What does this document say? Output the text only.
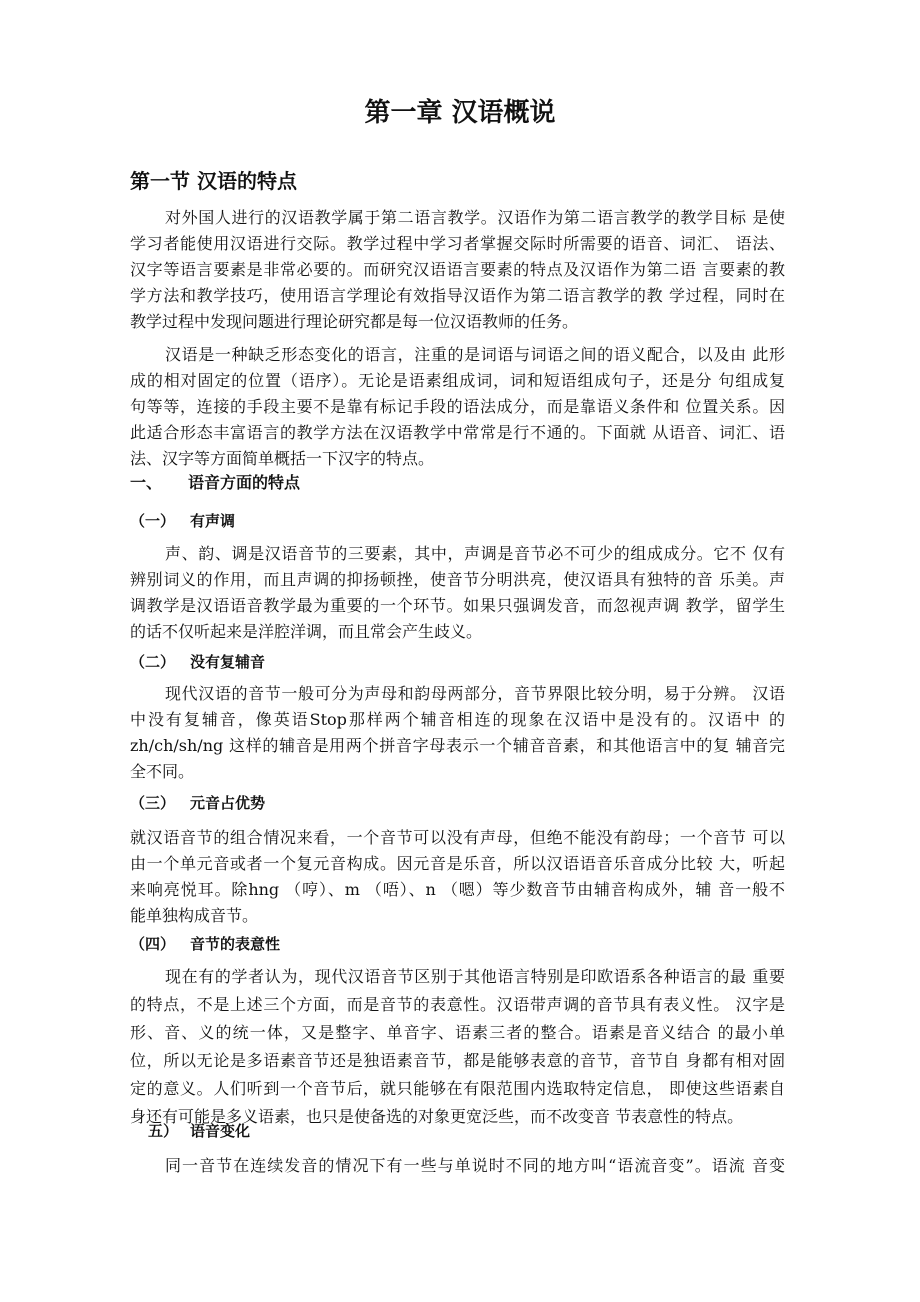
第一章 汉语概说
第一节 汉语的特点
对外国人进行的汉语教学属于第二语言教学。汉语作为第二语言教学的教学目标 是使
学习者能使用汉语进行交际。教学过程中学习者掌握交际时所需要的语音、词汇、 语法、
汉字等语言要素是非常必要的。而研究汉语语言要素的特点及汉语作为第二语 言要素的教
学方法和教学技巧，使用语言学理论有效指导汉语作为第二语言教学的教 学过程，同时在
教学过程中发现问题进行理论研究都是每一位汉语教师的任务。
汉语是一种缺乏形态变化的语言，注重的是词语与词语之间的语义配合，以及由 此形
成的相对固定的位置（语序）。无论是语素组成词，词和短语组成句子，还是分 句组成复
句等等，连接的手段主要不是靠有标记手段的语法成分，而是靠语义条件和 位置关系。因
此适合形态丰富语言的教学方法在汉语教学中常常是行不通的。下面就 从语音、词汇、语
法、汉字等方面简单概括一下汉字的特点。
一、 语音方面的特点
（一） 有声调
声、韵、调是汉语音节的三要素，其中，声调是音节必不可少的组成成分。它不 仅有
辨别词义的作用，而且声调的抑扬顿挫，使音节分明洪亮，使汉语具有独特的音 乐美。声
调教学是汉语语音教学最为重要的一个环节。如果只强调发音，而忽视声调 教学，留学生
的话不仅听起来是洋腔洋调，而且常会产生歧义。
（二） 没有复辅音
现代汉语的音节一般可分为声母和韵母两部分，音节界限比较分明，易于分辨。 汉语
中没有复辅音，像英语Stop那样两个辅音相连的现象在汉语中是没有的。汉语中 的
zh/ch/sh/ng 这样的辅音是用两个拼音字母表示一个辅音音素，和其他语言中的复 辅音完
全不同。
（三） 元音占优势
就汉语音节的组合情况来看，一个音节可以没有声母，但绝不能没有韵母；一个音节 可以
由一个单元音或者一个复元音构成。因元音是乐音，所以汉语语音乐音成分比较 大，听起
来响亮悦耳。除hng （哼）、m （唔）、n （嗯）等少数音节由辅音构成外，辅 音一般不
能单独构成音节。
（四） 音节的表意性
现在有的学者认为，现代汉语音节区别于其他语言特别是印欧语系各种语言的最 重要
的特点，不是上述三个方面，而是音节的表意性。汉语带声调的音节具有表义性。 汉字是
形、音、义的统一体，又是整字、单音字、语素三者的整合。语素是音义结合 的最小单
位，所以无论是多语素音节还是独语素音节，都是能够表意的音节，音节自 身都有相对固
定的意义。人们听到一个音节后，就只能够在有限范围内选取特定信息， 即使这些语素自
身还有可能是多义语素，也只是使备选的对象更宽泛些，而不改变音 节表意性的特点。
五） 语音变化
同一音节在连续发音的情况下有一些与单说时不同的地方叫“语流音变”。语流 音变
